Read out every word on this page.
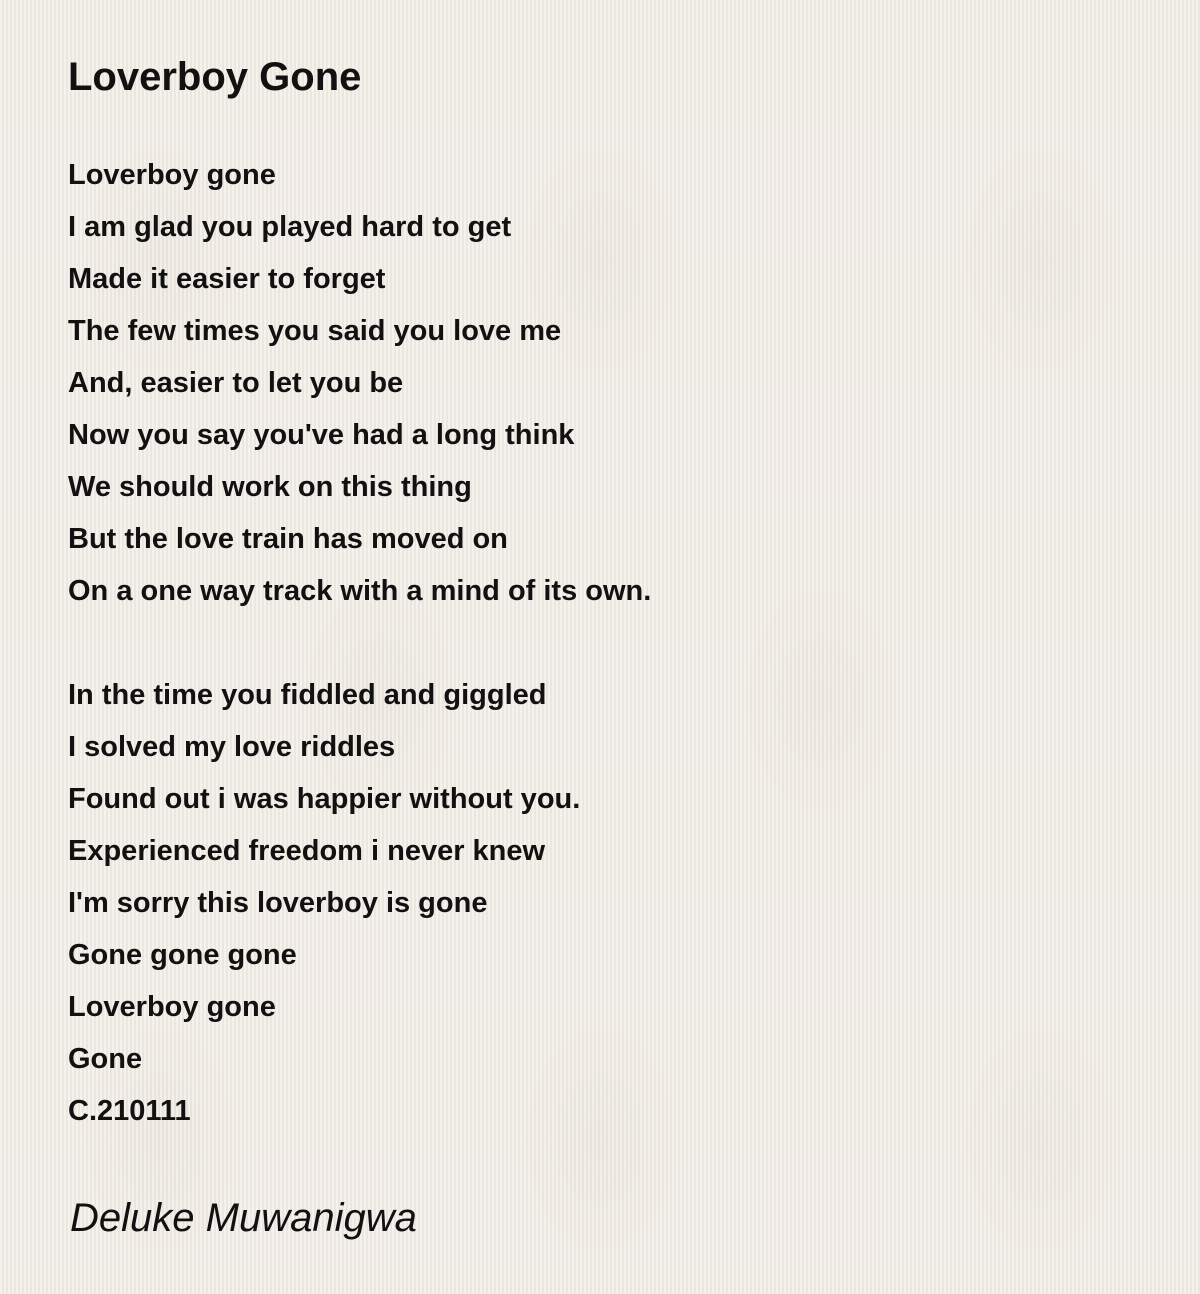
Loverboy Gone
Loverboy gone
I am glad you played hard to get
Made it easier to forget
The few times you said you love me
And, easier to let you be
Now you say you've had a long think
We should work on this thing
But the love train has moved on
On a one way track with a mind of its own.
In the time you fiddled and giggled
I solved my love riddles
Found out i was happier without you.
Experienced freedom i never knew
I'm sorry this loverboy is gone
Gone gone gone
Loverboy gone
Gone
C.210111
Deluke Muwanigwa
